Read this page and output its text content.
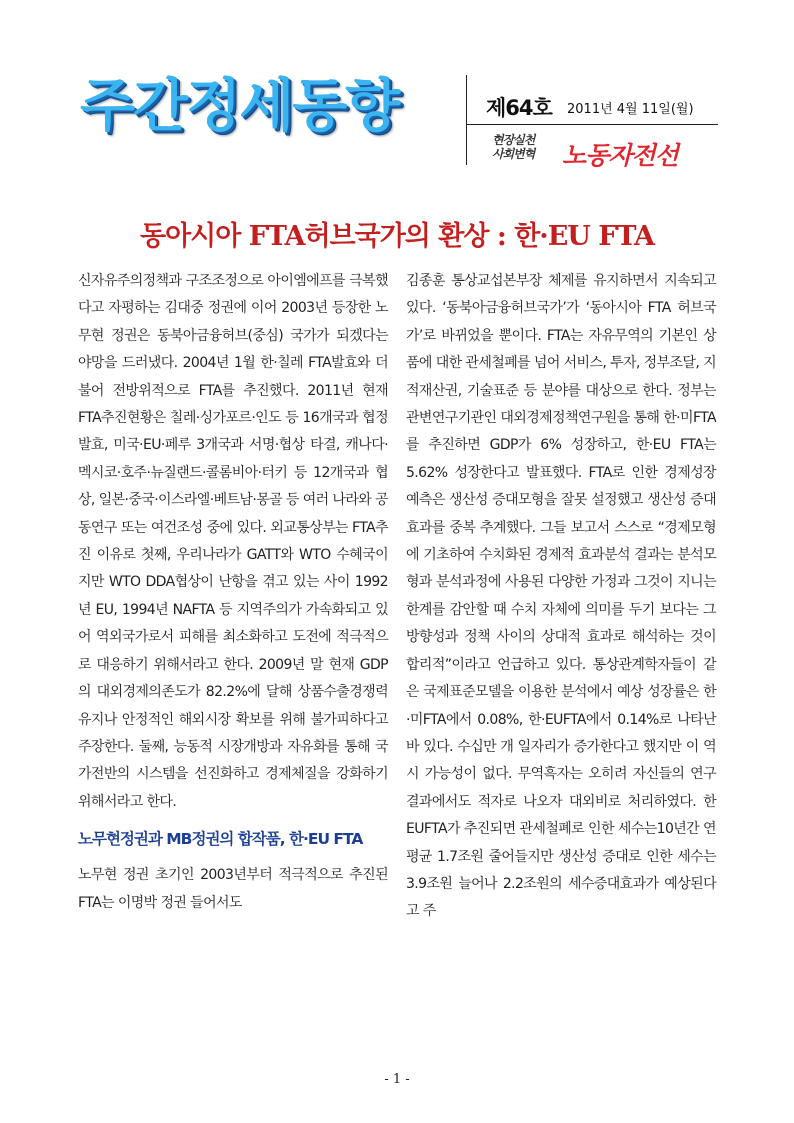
주간정세동향	제64호 2011년 4월 11일(월)
현장실천
사회변혁	노동자전선
동아시아 FTA허브국가의 환상 : 한·EU FTA

신자유주의정책과 구조조정으로 아이엠에프를 극복했다고 자평하는 김대중 정권에 이어 2003년 등장한 노무현 정권은 동북아금융허브(중심) 국가가 되겠다는 야망을 드러냈다. 2004년 1월 한·칠레 FTA발효와 더불어 전방위적으로 FTA를 추진했다. 2011년 현재 FTA추진현황은 칠레·싱가포르·인도 등 16개국과 협정 발효, 미국·EU·페루 3개국과 서명·협상 타결, 캐나다·멕시코·호주·뉴질랜드·콜롬비아·터키 등 12개국과 협상, 일본·중국·이스라엘·베트남·몽골 등 여러 나라와 공동연구 또는 여건조성 중에 있다. 외교통상부는 FTA추진 이유로 첫째, 우리나라가 GATT와 WTO 수혜국이지만 WTO DDA협상이 난항을 겪고 있는 사이 1992년 EU, 1994년 NAFTA 등 지역주의가 가속화되고 있어 역외국가로서 피해를 최소화하고 도전에 적극적으로 대응하기 위해서라고 한다. 2009년 말 현재 GDP의 대외경제의존도가 82.2%에 달해 상품수출경쟁력유지나 안정적인 해외시장 확보를 위해 불가피하다고 주장한다. 둘째, 능동적 시장개방과 자유화를 통해 국가전반의 시스템을 선진화하고 경제체질을 강화하기 위해서라고 한다.

노무현정권과 MB정권의 합작품, 한·EU FTA

노무현 정권 초기인 2003년부터 적극적으로 추진된 FTA는 이명박 정권 들어서도

김종훈 통상교섭본부장 체제를 유지하면서 지속되고 있다. ‘동북아금융허브국가’가 ‘동아시아 FTA 허브국가’로 바뀌었을 뿐이다. FTA는 자유무역의 기본인 상품에 대한 관세철폐를 넘어 서비스, 투자, 정부조달, 지적재산권, 기술표준 등 분야를 대상으로 한다. 정부는 관변연구기관인 대외경제정책연구원을 통해 한·미FTA를 추진하면 GDP가 6% 성장하고, 한·EU FTA는 5.62% 성장한다고 발표했다. FTA로 인한 경제성장 예측은 생산성 증대모형을 잘못 설정했고 생산성 증대효과를 중복 추계했다. 그들 보고서 스스로 “경제모형에 기초하여 수치화된 경제적 효과분석 결과는 분석모형과 분석과정에 사용된 다양한 가정과 그것이 지니는 한계를 감안할 때 수치 자체에 의미를 두기 보다는 그 방향성과 정책 사이의 상대적 효과로 해석하는 것이 합리적”이라고 언급하고 있다. 통상관계학자들이 같은 국제표준모델을 이용한 분석에서 예상 성장률은 한·미FTA에서 0.08%, 한·EUFTA에서 0.14%로 나타난 바 있다. 수십만 개 일자리가 증가한다고 했지만 이 역시 가능성이 없다. 무역흑자는 오히려 자신들의 연구결과에서도 적자로 나오자 대외비로 처리하였다. 한EUFTA가 추진되면 관세철폐로 인한 세수는10년간 연평균 1.7조원 줄어들지만 생산성 증대로 인한 세수는 3.9조원 늘어나 2.2조원의 세수증대효과가 예상된다고 주

- 1 -
